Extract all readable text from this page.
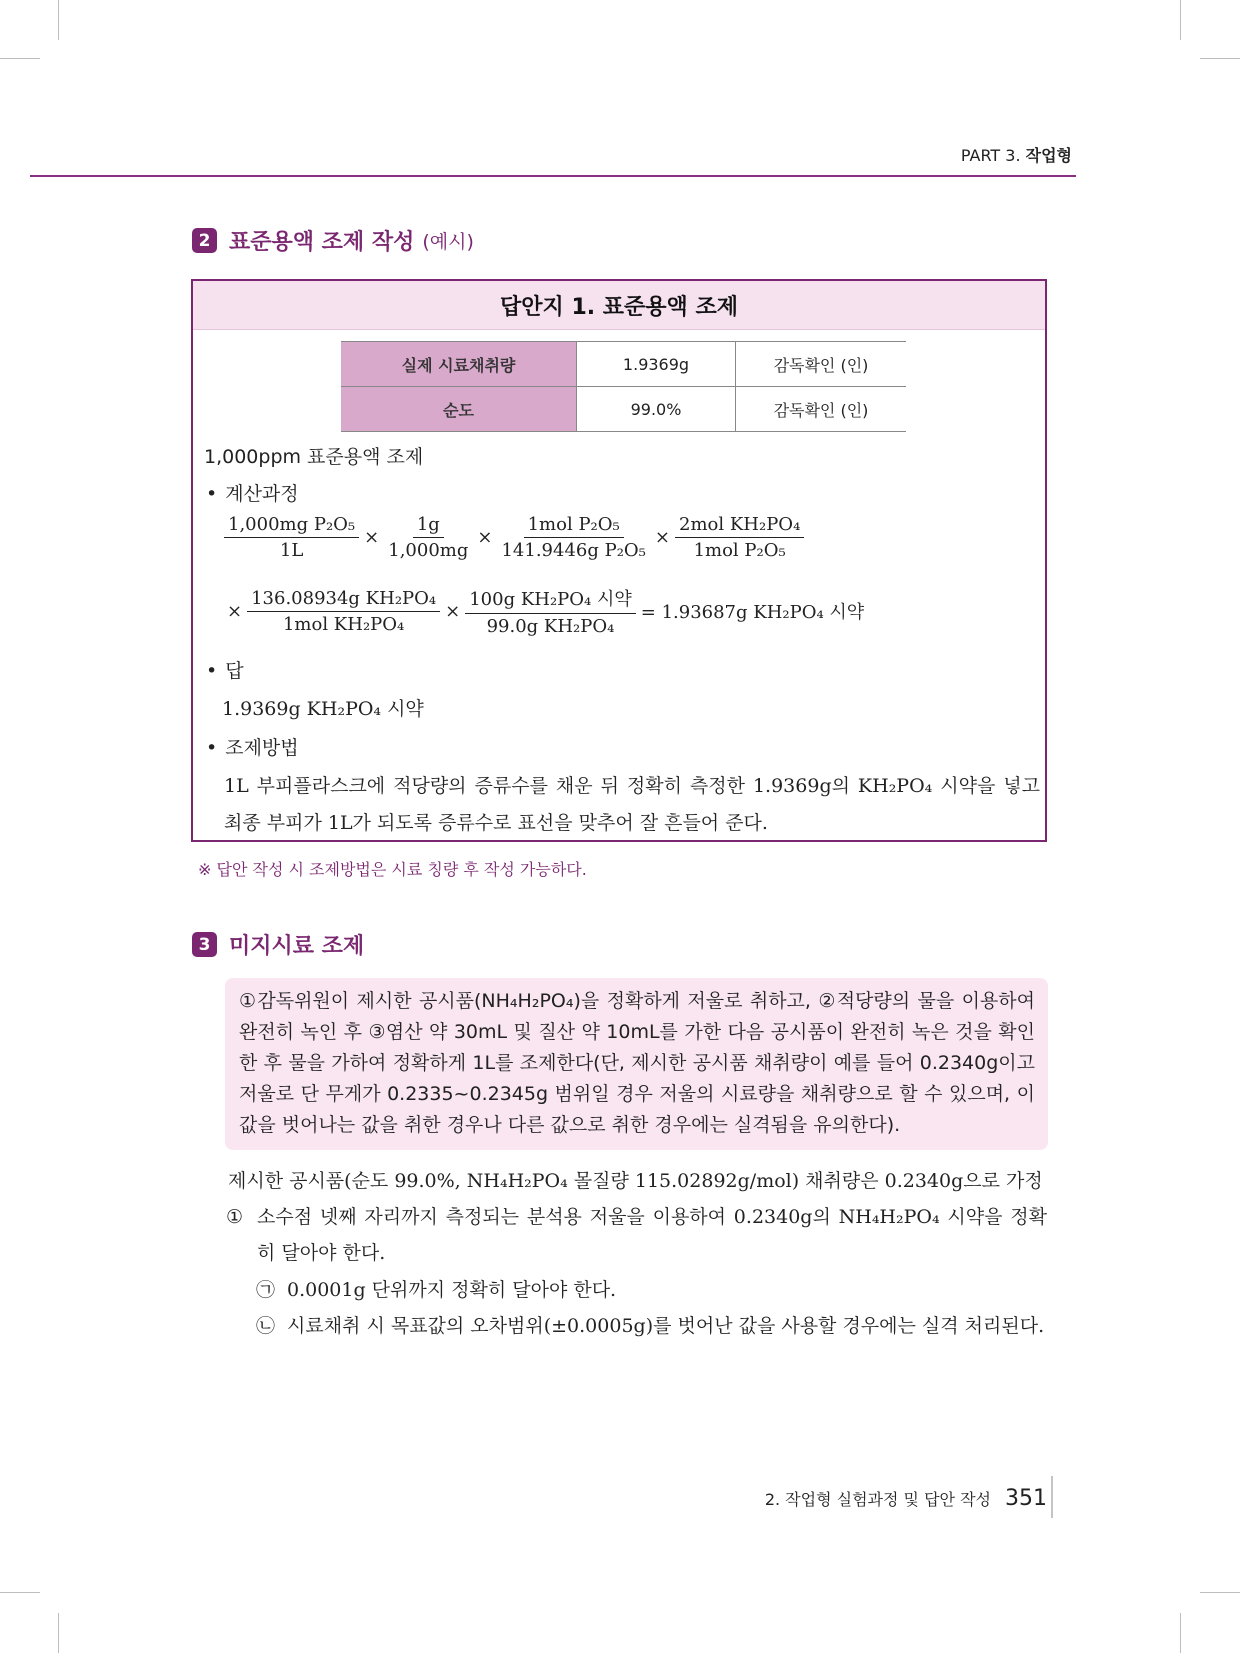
PART 3. 작업형
2 표준용액 조제 작성 (예시)
답안지 1. 표준용액 조제
실제 시료채취량	1.9369g	감독확인 (인)
순도	99.0%	감독확인 (인)
1,000ppm 표준용액 조제
• 계산과정
$\frac{\text{1,000mg P₂O₅}}{1L} \times \frac{1g}{1,000mg} \times \frac{\text{1mol P₂O₅}}{\text{141.9446g P₂O₅}} \times \frac{\text{2mol KH₂PO₄}}{\text{1mol P₂O₅}}$
× $\frac{\text{136.08934g KH₂PO₄}}{\text{1mol KH₂PO₄}} \times \frac{\text{100g KH₂PO₄ 시약}}{\text{99.0g KH₂PO₄}} = 1.93687g$ KH₂PO₄ 시약
• 답
1.9369g KH₂PO₄ 시약
• 조제방법
1L 부피플라스크에 적당량의 증류수를 채운 뒤 정확히 측정한 1.9369g의 KH₂PO₄ 시약을 넣고 최종 부피가 1L가 되도록 증류수로 표선을 맞추어 잘 흔들어 준다.
※ 답안 작성 시 조제방법은 시료 칭량 후 작성 가능하다.
3 미지시료 조제
①감독위원이 제시한 공시품(NH₄H₂PO₄)을 정확하게 저울로 취하고, ②적당량의 물을 이용하여 완전히 녹인 후 ③염산 약 30mL 및 질산 약 10mL를 가한 다음 공시품이 완전히 녹은 것을 확인한 후 물을 가하여 정확하게 1L를 조제한다(단, 제시한 공시품 채취량이 예를 들어 0.2340g이고 저울로 단 무게가 0.2335~0.2345g 범위일 경우 저울의 시료량을 채취량으로 할 수 있으며, 이 값을 벗어나는 값을 취한 경우나 다른 값으로 취한 경우에는 실격됨을 유의한다).
제시한 공시품(순도 99.0%, NH₄H₂PO₄ 몰질량 115.02892g/mol) 채취량은 0.2340g으로 가정
① 소수점 넷째 자리까지 측정되는 분석용 저울을 이용하여 0.2340g의 NH₄H₂PO₄ 시약을 정확히 달아야 한다.
㉠ 0.0001g 단위까지 정확히 달아야 한다.
㉡ 시료채취 시 목표값의 오차범위(±0.0005g)를 벗어난 값을 사용할 경우에는 실격 처리된다.
2. 작업형 실험과정 및 답안 작성 351
